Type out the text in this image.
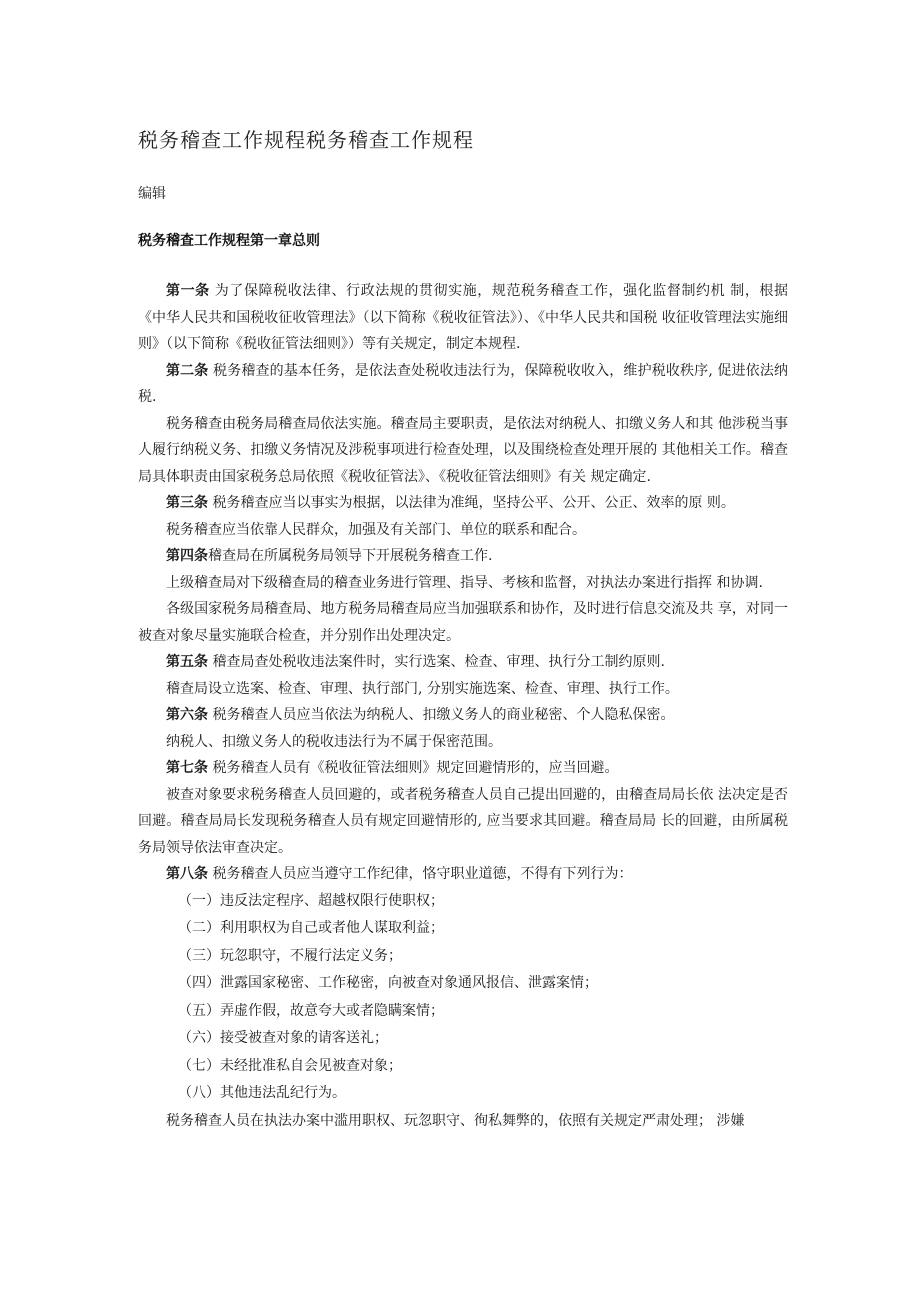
税务稽查工作规程税务稽查工作规程
编辑
税务稽查工作规程第一章总则

第一条 为了保障税收法律、行政法规的贯彻实施，规范税务稽查工作，强化监督制约机 制，根据《中华人民共和国税收征收管理法》（以下简称《税收征管法》）、《中华人民共和国税 收征收管理法实施细则》（以下简称《税收征管法细则》）等有关规定，制定本规程.

第二条 税务稽查的基本任务，是依法查处税收违法行为，保障税收收入，维护税收秩序, 促进依法纳税.

税务稽查由税务局稽查局依法实施。稽查局主要职责，是依法对纳税人、扣缴义务人和其 他涉税当事人履行纳税义务、扣缴义务情况及涉税事项进行检查处理，以及围绕检查处理开展的 其他相关工作。稽查局具体职责由国家税务总局依照《税收征管法》、《税收征管法细则》有关 规定确定.

第三条 税务稽查应当以事实为根据，以法律为准绳，坚持公平、公开、公正、效率的原 则。

税务稽查应当依靠人民群众，加强及有关部门、单位的联系和配合。

第四条稽查局在所属税务局领导下开展税务稽查工作.

上级稽查局对下级稽查局的稽查业务进行管理、指导、考核和监督，对执法办案进行指挥 和协调.

各级国家税务局稽查局、地方税务局稽查局应当加强联系和协作，及时进行信息交流及共 享，对同一被查对象尽量实施联合检查，并分别作出处理决定。

第五条 稽查局查处税收违法案件时，实行选案、检查、审理、执行分工制约原则.

稽查局设立选案、检查、审理、执行部门, 分别实施选案、检查、审理、执行工作。

第六条 税务稽查人员应当依法为纳税人、扣缴义务人的商业秘密、个人隐私保密。

纳税人、扣缴义务人的税收违法行为不属于保密范围。

第七条 税务稽查人员有《税收征管法细则》规定回避情形的，应当回避。

被查对象要求税务稽查人员回避的，或者税务稽查人员自己提出回避的，由稽查局局长依 法决定是否回避。稽查局局长发现税务稽查人员有规定回避情形的, 应当要求其回避。稽查局局 长的回避，由所属税务局领导依法审查决定。

第八条 税务稽查人员应当遵守工作纪律，恪守职业道德，不得有下列行为：

（一）违反法定程序、超越权限行使职权；
（二）利用职权为自己或者他人谋取利益；
（三）玩忽职守，不履行法定义务；
（四）泄露国家秘密、工作秘密，向被查对象通风报信、泄露案情；
（五）弄虚作假，故意夸大或者隐瞒案情；
（六）接受被查对象的请客送礼；
（七）未经批准私自会见被查对象；
（八）其他违法乱纪行为。

税务稽查人员在执法办案中滥用职权、玩忽职守、徇私舞弊的，依照有关规定严肃处理； 涉嫌
